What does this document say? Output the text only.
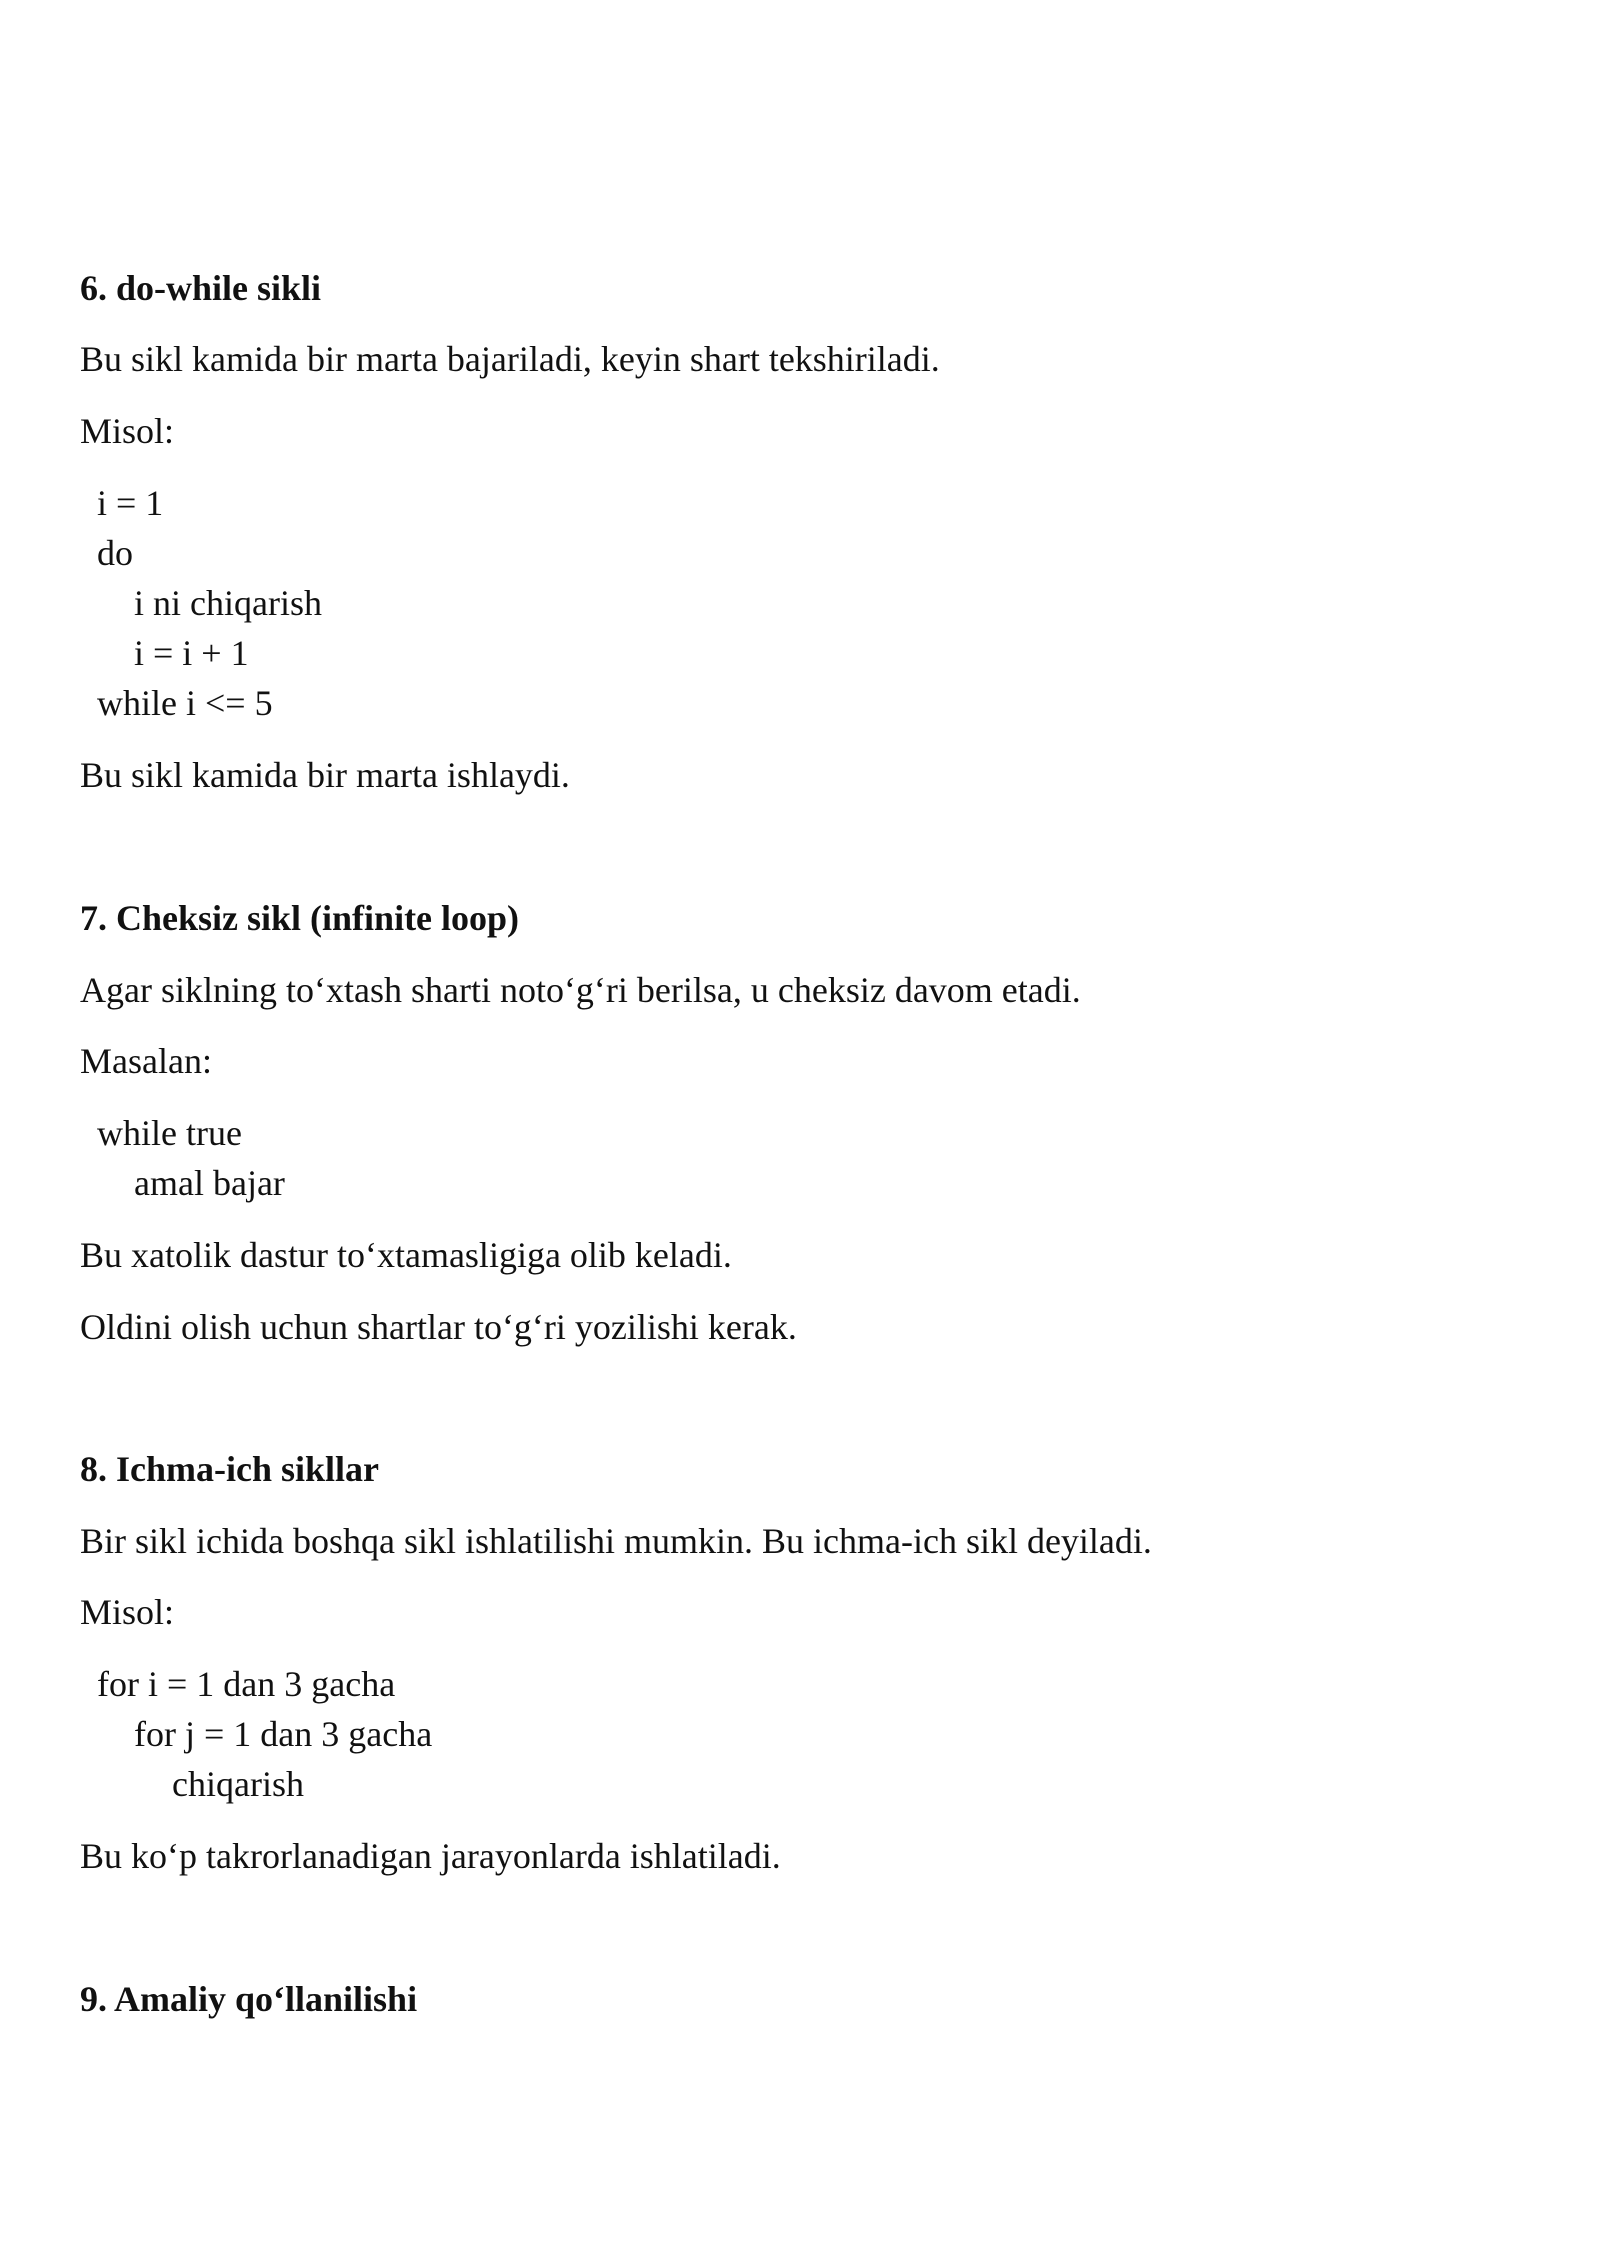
6. do-while sikli

Bu sikl kamida bir marta bajariladi, keyin shart tekshiriladi.

Misol:

i = 1

do

i ni chiqarish

i = i + 1

while i <= 5

Bu sikl kamida bir marta ishlaydi.

7. Cheksiz sikl (infinite loop)

Agar siklning to‘xtash sharti noto‘g‘ri berilsa, u cheksiz davom etadi.

Masalan:

while true

amal bajar

Bu xatolik dastur to‘xtamasligiga olib keladi.

Oldini olish uchun shartlar to‘g‘ri yozilishi kerak.

8. Ichma-ich sikllar

Bir sikl ichida boshqa sikl ishlatilishi mumkin. Bu ichma-ich sikl deyiladi.

Misol:

for i = 1 dan 3 gacha

for j = 1 dan 3 gacha

chiqarish

Bu ko‘p takrorlanadigan jarayonlarda ishlatiladi.

9. Amaliy qo‘llanilishi
